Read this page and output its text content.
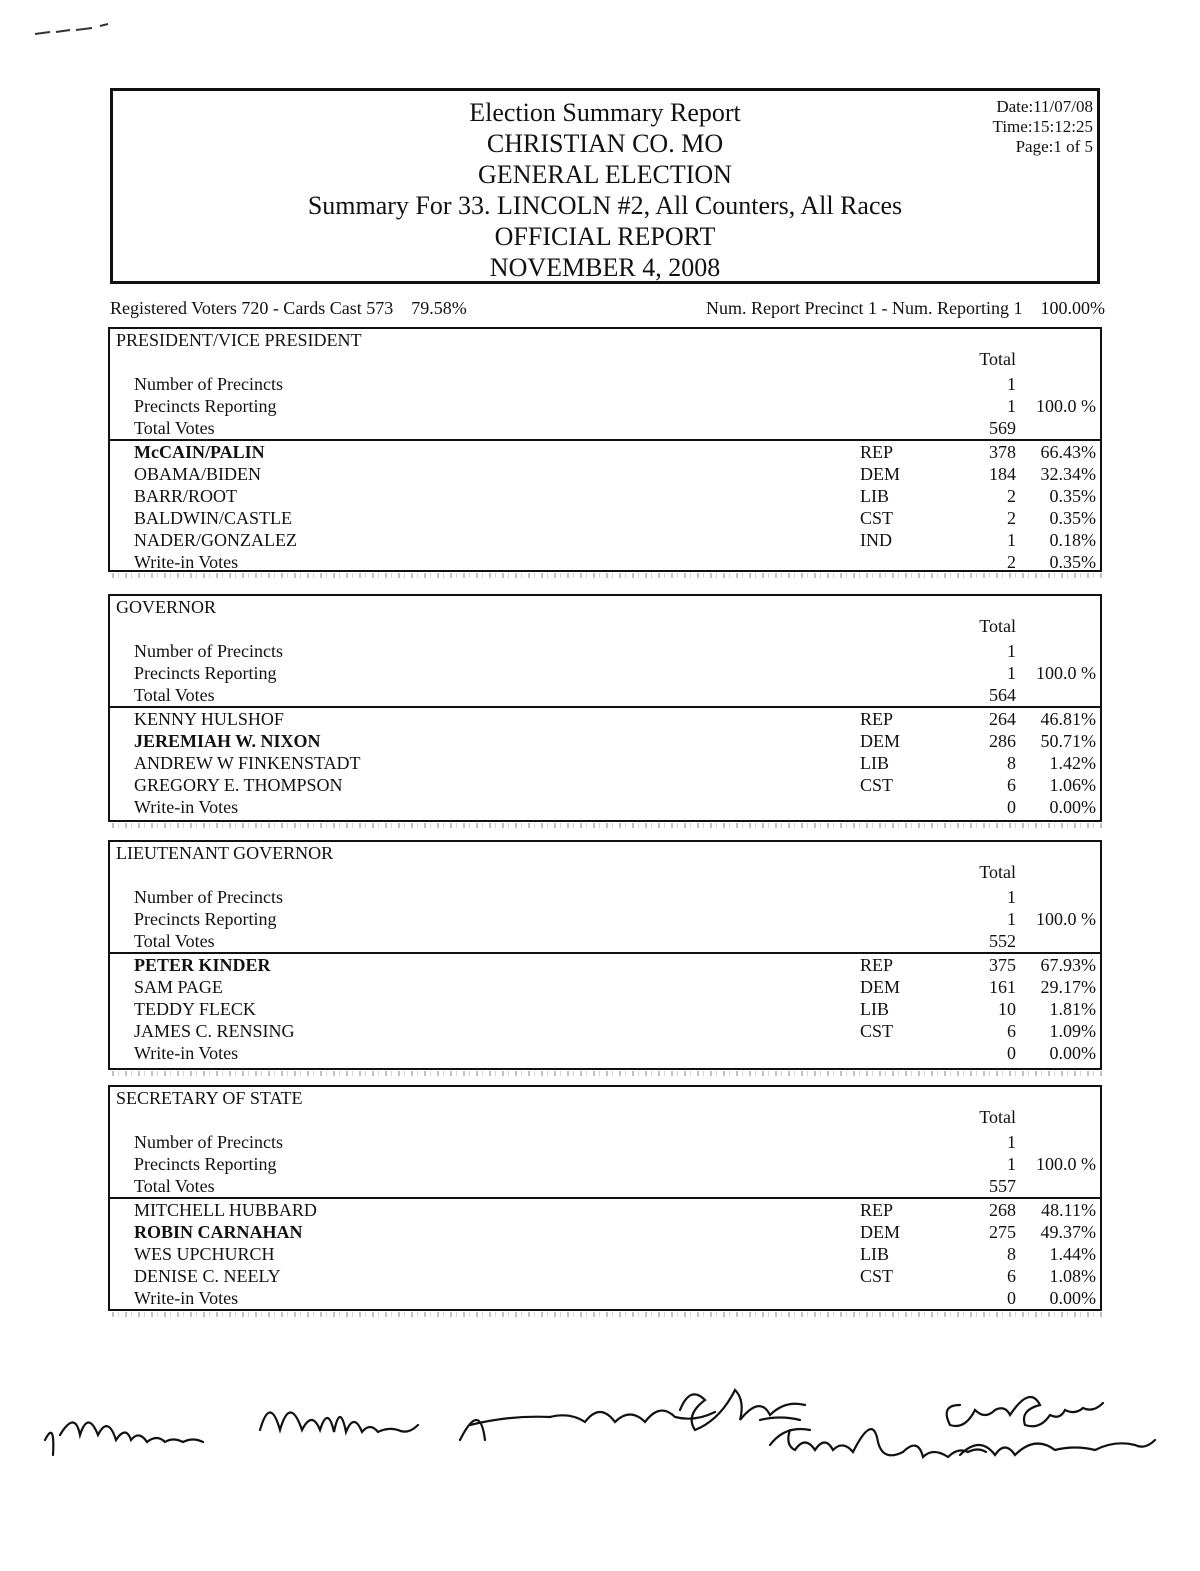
Election Summary Report
CHRISTIAN CO. MO
GENERAL ELECTION
Summary For 33. LINCOLN #2, All Counters, All Races
OFFICIAL REPORT
NOVEMBER 4, 2008
Date:11/07/08
Time:15:12:25
Page:1 of 5
Registered Voters 720 - Cards Cast 573    79.58%	Num. Report Precinct 1 - Num. Reporting 1    100.00%
PRESIDENT/VICE PRESIDENT
Total
Number of Precincts	1
Precincts Reporting	1 100.0 %
Total Votes	569
McCAIN/PALIN	REP	378 66.43%
OBAMA/BIDEN	DEM	184 32.34%
BARR/ROOT	LIB	2 0.35%
BALDWIN/CASTLE	CST	2 0.35%
NADER/GONZALEZ	IND	1 0.18%
Write-in Votes	2 0.35%
GOVERNOR
Total
Number of Precincts	1
Precincts Reporting	1 100.0 %
Total Votes	564
KENNY HULSHOF	REP	264 46.81%
JEREMIAH W. NIXON	DEM	286 50.71%
ANDREW W FINKENSTADT	LIB	8 1.42%
GREGORY E. THOMPSON	CST	6 1.06%
Write-in Votes	0 0.00%
LIEUTENANT GOVERNOR
Total
Number of Precincts	1
Precincts Reporting	1 100.0 %
Total Votes	552
PETER KINDER	REP	375 67.93%
SAM PAGE	DEM	161 29.17%
TEDDY FLECK	LIB	10 1.81%
JAMES C. RENSING	CST	6 1.09%
Write-in Votes	0 0.00%
SECRETARY OF STATE
Total
Number of Precincts	1
Precincts Reporting	1 100.0 %
Total Votes	557
MITCHELL HUBBARD	REP	268 48.11%
ROBIN CARNAHAN	DEM	275 49.37%
WES UPCHURCH	LIB	8 1.44%
DENISE C. NEELY	CST	6 1.08%
Write-in Votes	0 0.00%
